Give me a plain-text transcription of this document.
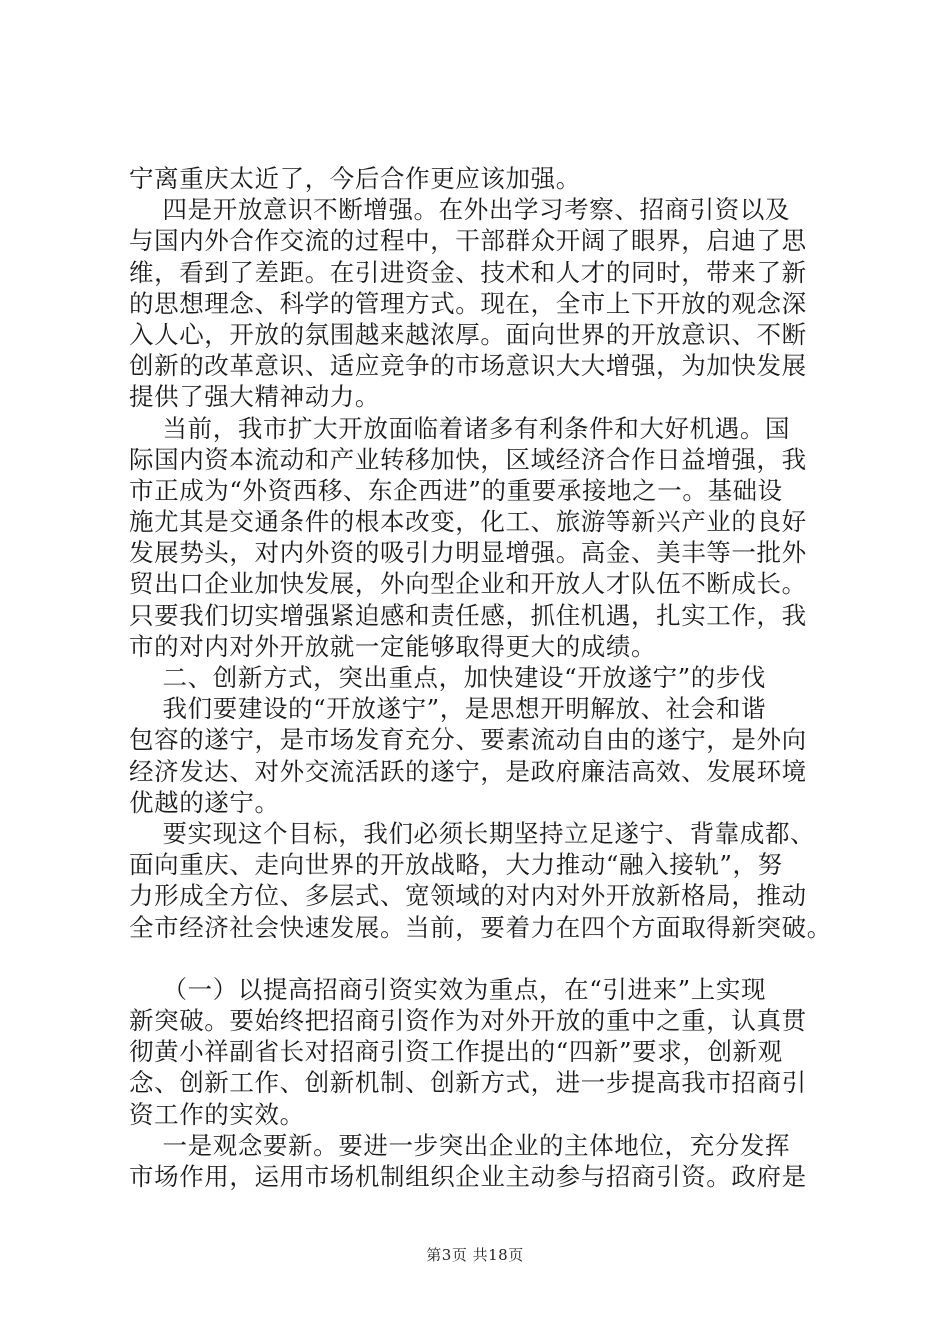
宁离重庆太近了，今后合作更应该加强。
四是开放意识不断增强。在外出学习考察、招商引资以及
与国内外合作交流的过程中，干部群众开阔了眼界，启迪了思
维，看到了差距。在引进资金、技术和人才的同时，带来了新
的思想理念、科学的管理方式。现在，全市上下开放的观念深
入人心，开放的氛围越来越浓厚。面向世界的开放意识、不断
创新的改革意识、适应竞争的市场意识大大增强，为加快发展
提供了强大精神动力。
当前，我市扩大开放面临着诸多有利条件和大好机遇。国
际国内资本流动和产业转移加快，区域经济合作日益增强，我
市正成为“外资西移、东企西进”的重要承接地之一。基础设
施尤其是交通条件的根本改变，化工、旅游等新兴产业的良好
发展势头，对内外资的吸引力明显增强。高金、美丰等一批外
贸出口企业加快发展，外向型企业和开放人才队伍不断成长。
只要我们切实增强紧迫感和责任感，抓住机遇，扎实工作，我
市的对内对外开放就一定能够取得更大的成绩。
二、创新方式，突出重点，加快建设“开放遂宁”的步伐
我们要建设的“开放遂宁”，是思想开明解放、社会和谐
包容的遂宁，是市场发育充分、要素流动自由的遂宁，是外向
经济发达、对外交流活跃的遂宁，是政府廉洁高效、发展环境
优越的遂宁。
要实现这个目标，我们必须长期坚持立足遂宁、背靠成都、
面向重庆、走向世界的开放战略，大力推动“融入接轨”，努
力形成全方位、多层式、宽领域的对内对外开放新格局，推动
全市经济社会快速发展。当前，要着力在四个方面取得新突破。
（一）以提高招商引资实效为重点，在“引进来”上实现
新突破。要始终把招商引资作为对外开放的重中之重，认真贯
彻黄小祥副省长对招商引资工作提出的“四新”要求，创新观
念、创新工作、创新机制、创新方式，进一步提高我市招商引
资工作的实效。
一是观念要新。要进一步突出企业的主体地位，充分发挥
市场作用，运用市场机制组织企业主动参与招商引资。政府是
第3页 共18页
